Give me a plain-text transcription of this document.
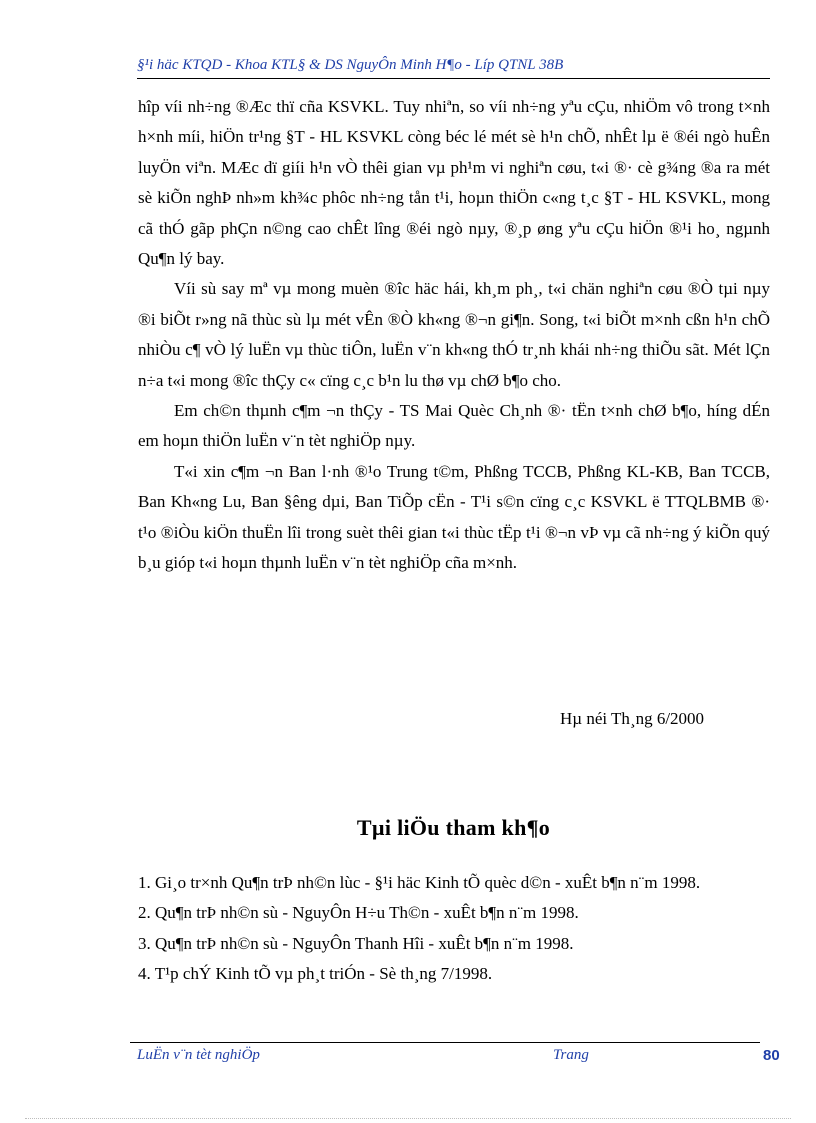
§¹i häc KTQD - Khoa KTL§ & DS NguyÔn Minh H¶o - Líp QTNL 38B

hîp víi nh÷ng ®Æc thï cña KSVKL. Tuy nhiªn, so víi nh÷ng yªu cÇu, nhiÖm vô trong t×nh h×nh míi, hiÖn tr¹ng §T - HL KSVKL còng béc lé mét sè h¹n chÕ, nhÊt lµ ë ®éi ngò huÊn luyÖn viªn. MÆc dï giíi h¹n vÒ thêi gian vµ ph¹m vi nghiªn cøu, t«i ®· cè g¾ng ®a ra mét sè kiÕn nghÞ nh»m kh¾c phôc nh÷ng tån t¹i, hoµn thiÖn c«ng t¸c §T - HL KSVKL, mong cã thÓ gãp phÇn n©ng cao chÊt lîng ®éi ngò nµy, ®¸p øng yªu cÇu hiÖn ®¹i ho¸ ngµnh Qu¶n lý bay.

Víi sù say mª vµ mong muèn ®îc häc hái, kh¸m ph¸, t«i chän nghiªn cøu ®Ò tµi nµy ®i biÕt r»ng nã thùc sù lµ mét vÊn ®Ò kh«ng ®¬n gi¶n. Song, t«i biÕt m×nh cßn h¹n chÕ nhiÒu c¶ vÒ lý luËn vµ thùc tiÔn, luËn v¨n kh«ng thÓ tr¸nh khái nh÷ng thiÕu sãt. Mét lÇn n÷a t«i mong ®îc thÇy c« cïng c¸c b¹n lu thø vµ chØ b¶o cho.

Em ch©n thµnh c¶m ¬n thÇy - TS Mai Quèc Ch¸nh ®· tËn t×nh chØ b¶o, híng dÉn em hoµn thiÖn luËn v¨n tèt nghiÖp nµy.

T«i xin c¶m ¬n Ban l·nh ®¹o Trung t©m, Phßng TCCB, Phßng KL-KB, Ban TCCB, Ban Kh«ng Lu, Ban §êng dµi, Ban TiÕp cËn - T¹i s©n cïng c¸c KSVKL ë TTQLBMB ®· t¹o ®iÒu kiÖn thuËn lîi trong suèt thêi gian t«i thùc tËp t¹i ®¬n vÞ vµ cã nh÷ng ý kiÕn quý b¸u gióp t«i hoµn thµnh luËn v¨n tèt nghiÖp cña m×nh.

Hµ néi Th¸ng 6/2000
Tµi liÖu tham kh¶o
1. Gi¸o tr×nh Qu¶n trÞ nh©n lùc - §¹i häc Kinh tÕ quèc d©n - xuÊt b¶n n¨m 1998.
2. Qu¶n trÞ nh©n sù - NguyÔn H÷u Th©n - xuÊt b¶n n¨m 1998.
3. Qu¶n trÞ nh©n sù - NguyÔn Thanh Hîi - xuÊt b¶n n¨m 1998.
4. T¹p chÝ Kinh tÕ vµ ph¸t triÓn - Sè th¸ng 7/1998.
LuËn v¨n tèt nghiÖp	Trang	80
